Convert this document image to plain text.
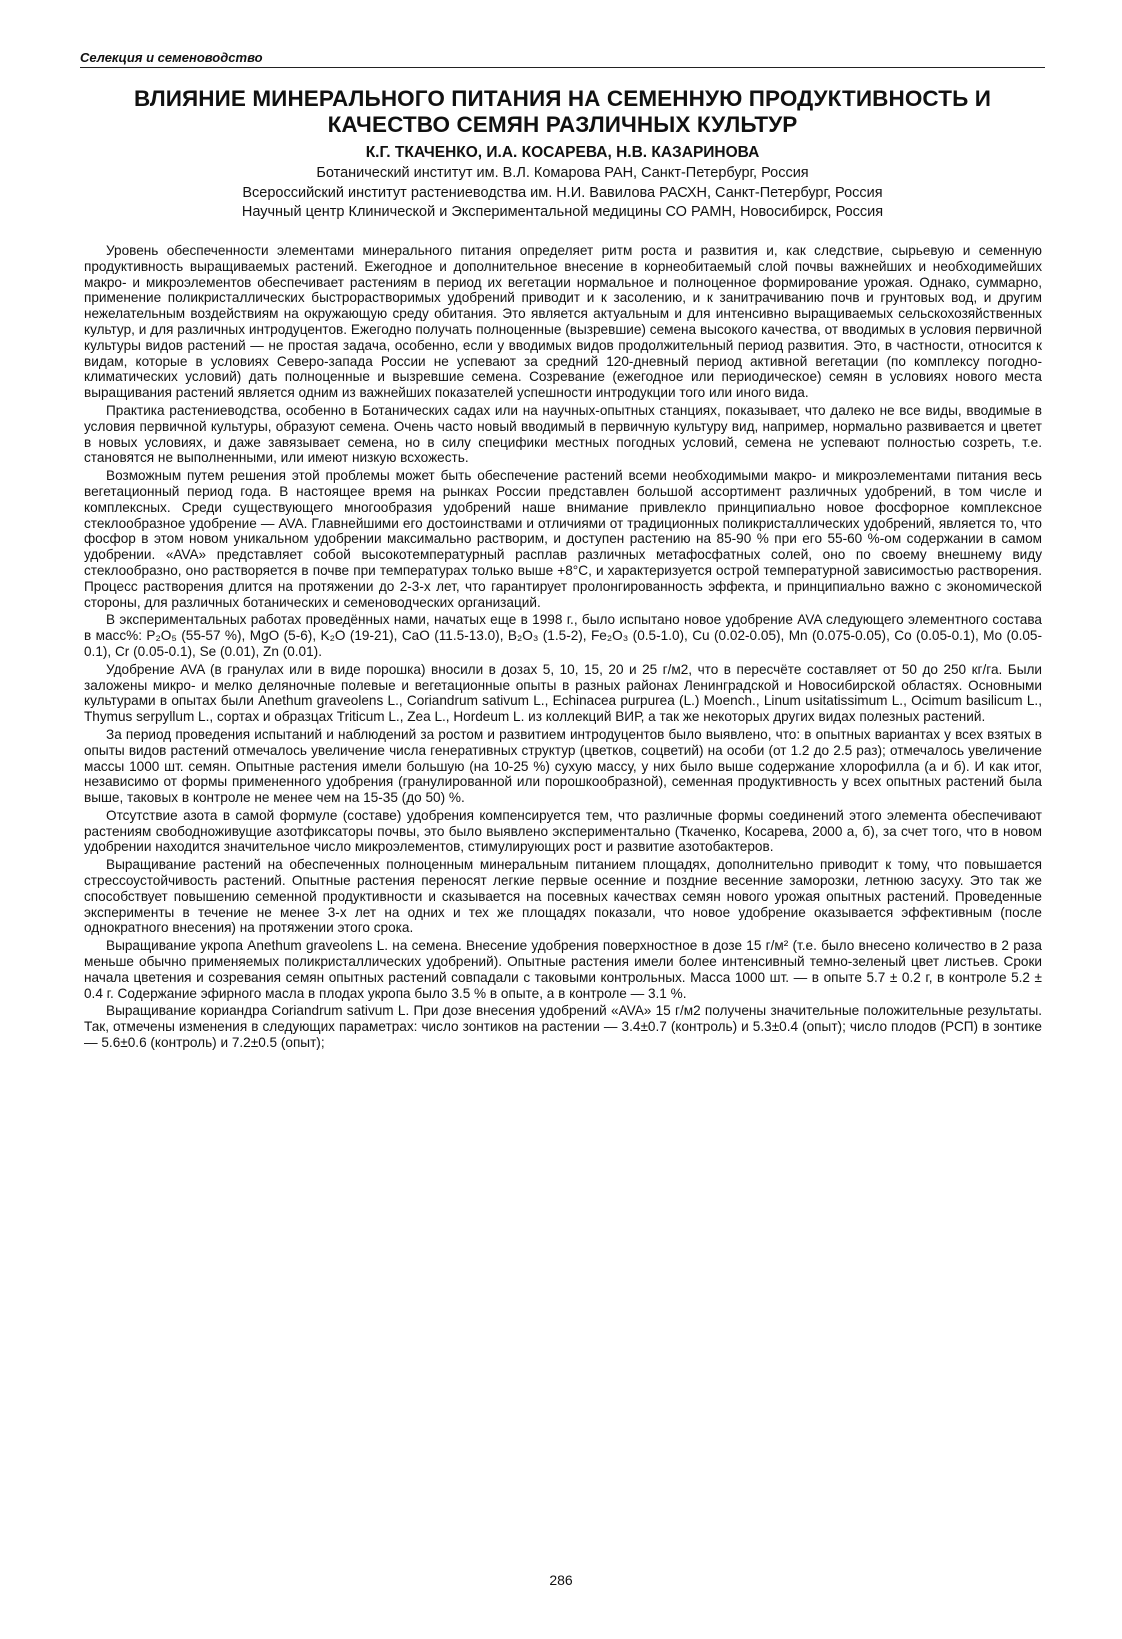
Селекция и семеноводство
ВЛИЯНИЕ МИНЕРАЛЬНОГО ПИТАНИЯ НА СЕМЕННУЮ ПРОДУКТИВНОСТЬ И КАЧЕСТВО СЕМЯН РАЗЛИЧНЫХ КУЛЬТУР
К.Г. ТКАЧЕНКО, И.А. КОСАРЕВА, Н.В. КАЗАРИНОВА
Ботанический институт им. В.Л. Комарова РАН, Санкт-Петербург, Россия
Всероссийский институт растениеводства им. Н.И. Вавилова РАСХН, Санкт-Петербург, Россия
Научный центр Клинической и Экспериментальной медицины СО РАМН, Новосибирск, Россия

Уровень обеспеченности элементами минерального питания определяет ритм роста и развития и, как следствие, сырьевую и семенную продуктивность выращиваемых растений. Ежегодное и дополнительное внесение в корнеобитаемый слой почвы важнейших и необходимейших макро- и микроэлементов обеспечивает растениям в период их вегетации нормальное и полноценное формирование урожая. Однако, суммарно, применение поликристаллических быстрорастворимых удобрений приводит и к засолению, и к занитрачиванию почв и грунтовых вод, и другим нежелательным воздействиям на окружающую среду обитания. Это является актуальным и для интенсивно выращиваемых сельскохозяйственных культур, и для различных интродуцентов. Ежегодно получать полноценные (вызревшие) семена высокого качества, от вводимых в условия первичной культуры видов растений — не простая задача, особенно, если у вводимых видов продолжительный период развития. Это, в частности, относится к видам, которые в условиях Северо-запада России не успевают за средний 120-дневный период активной вегетации (по комплексу погодно-климатических условий) дать полноценные и вызревшие семена. Созревание (ежегодное или периодическое) семян в условиях нового места выращивания растений является одним из важнейших показателей успешности интродукции того или иного вида.

Практика растениеводства, особенно в Ботанических садах или на научных-опытных станциях, показывает, что далеко не все виды, вводимые в условия первичной культуры, образуют семена. Очень часто новый вводимый в первичную культуру вид, например, нормально развивается и цветет в новых условиях, и даже завязывает семена, но в силу специфики местных погодных условий, семена не успевают полностью созреть, т.е. становятся не выполненными, или имеют низкую всхожесть.

Возможным путем решения этой проблемы может быть обеспечение растений всеми необходимыми макро- и микроэлементами питания весь вегетационный период года. В настоящее время на рынках России представлен большой ассортимент различных удобрений, в том числе и комплексных. Среди существующего многообразия удобрений наше внимание привлекло принципиально новое фосфорное комплексное стеклообразное удобрение — AVA. Главнейшими его достоинствами и отличиями от традиционных поликристаллических удобрений, является то, что фосфор в этом новом уникальном удобрении максимально растворим, и доступен растению на 85-90 % при его 55-60 %-ом содержании в самом удобрении. «AVA» представляет собой высокотемпературный расплав различных метафосфатных солей, оно по своему внешнему виду стеклообразно, оно растворяется в почве при температурах только выше +8°С, и характеризуется острой температурной зависимостью растворения. Процесс растворения длится на протяжении до 2-3-х лет, что гарантирует пролонгированность эффекта, и принципиально важно с экономической стороны, для различных ботанических и семеноводческих организаций.

В экспериментальных работах проведённых нами, начатых еще в 1998 г., было испытано новое удобрение AVA следующего элементного состава в масс%: P₂O₅ (55-57 %), MgO (5-6), K₂O (19-21), CaO (11.5-13.0), B₂O₃ (1.5-2), Fe₂O₃ (0.5-1.0), Cu (0.02-0.05), Mn (0.075-0.05), Co (0.05-0.1), Mo (0.05-0.1), Cr (0.05-0.1), Se (0.01), Zn (0.01).

Удобрение AVA (в гранулах или в виде порошка) вносили в дозах 5, 10, 15, 20 и 25 г/м2, что в пересчёте составляет от 50 до 250 кг/га. Были заложены микро- и мелко деляночные полевые и вегетационные опыты в разных районах Ленинградской и Новосибирской областях. Основными культурами в опытах были Anethum graveolens L., Coriandrum sativum L., Echinacea purpurea (L.) Moench., Linum usitatissimum L., Ocimum basilicum L., Thymus serpyllum L., сортах и образцах Triticum L., Zea L., Hordeum L. из коллекций ВИР, а так же некоторых других видах полезных растений.

За период проведения испытаний и наблюдений за ростом и развитием интродуцентов было выявлено, что: в опытных вариантах у всех взятых в опыты видов растений отмечалось увеличение числа генеративных структур (цветков, соцветий) на особи (от 1.2 до 2.5 раз); отмечалось увеличение массы 1000 шт. семян. Опытные растения имели большую (на 10-25 %) сухую массу, у них было выше содержание хлорофилла (а и б). И как итог, независимо от формы примененного удобрения (гранулированной или порошкообразной), семенная продуктивность у всех опытных растений была выше, таковых в контроле не менее чем на 15-35 (до 50) %.

Отсутствие азота в самой формуле (составе) удобрения компенсируется тем, что различные формы соединений этого элемента обеспечивают растениям свободноживущие азотфиксаторы почвы, это было выявлено экспериментально (Ткаченко, Косарева, 2000 а, б), за счет того, что в новом удобрении находится значительное число микроэлементов, стимулирующих рост и развитие азотобактеров.

Выращивание растений на обеспеченных полноценным минеральным питанием площадях, дополнительно приводит к тому, что повышается стрессоустойчивость растений. Опытные растения переносят легкие первые осенние и поздние весенние заморозки, летнюю засуху. Это так же способствует повышению семенной продуктивности и сказывается на посевных качествах семян нового урожая опытных растений. Проведенные эксперименты в течение не менее 3-х лет на одних и тех же площадях показали, что новое удобрение оказывается эффективным (после однократного внесения) на протяжении этого срока.

Выращивание укропа Anethum graveolens L. на семена. Внесение удобрения поверхностное в дозе 15 г/м² (т.е. было внесено количество в 2 раза меньше обычно применяемых поликристаллических удобрений). Опытные растения имели более интенсивный темно-зеленый цвет листьев. Сроки начала цветения и созревания семян опытных растений совпадали с таковыми контрольных. Масса 1000 шт. — в опыте 5.7 ± 0.2 г, в контроле 5.2 ± 0.4 г. Содержание эфирного масла в плодах укропа было 3.5 % в опыте, а в контроле — 3.1 %.

Выращивание кориандра Coriandrum sativum L. При дозе внесения удобрений «AVA» 15 г/м2 получены значительные положительные результаты. Так, отмечены изменения в следующих параметрах: число зонтиков на растении — 3.4±0.7 (контроль) и 5.3±0.4 (опыт); число плодов (РСП) в зонтике — 5.6±0.6 (контроль) и 7.2±0.5 (опыт);

286
